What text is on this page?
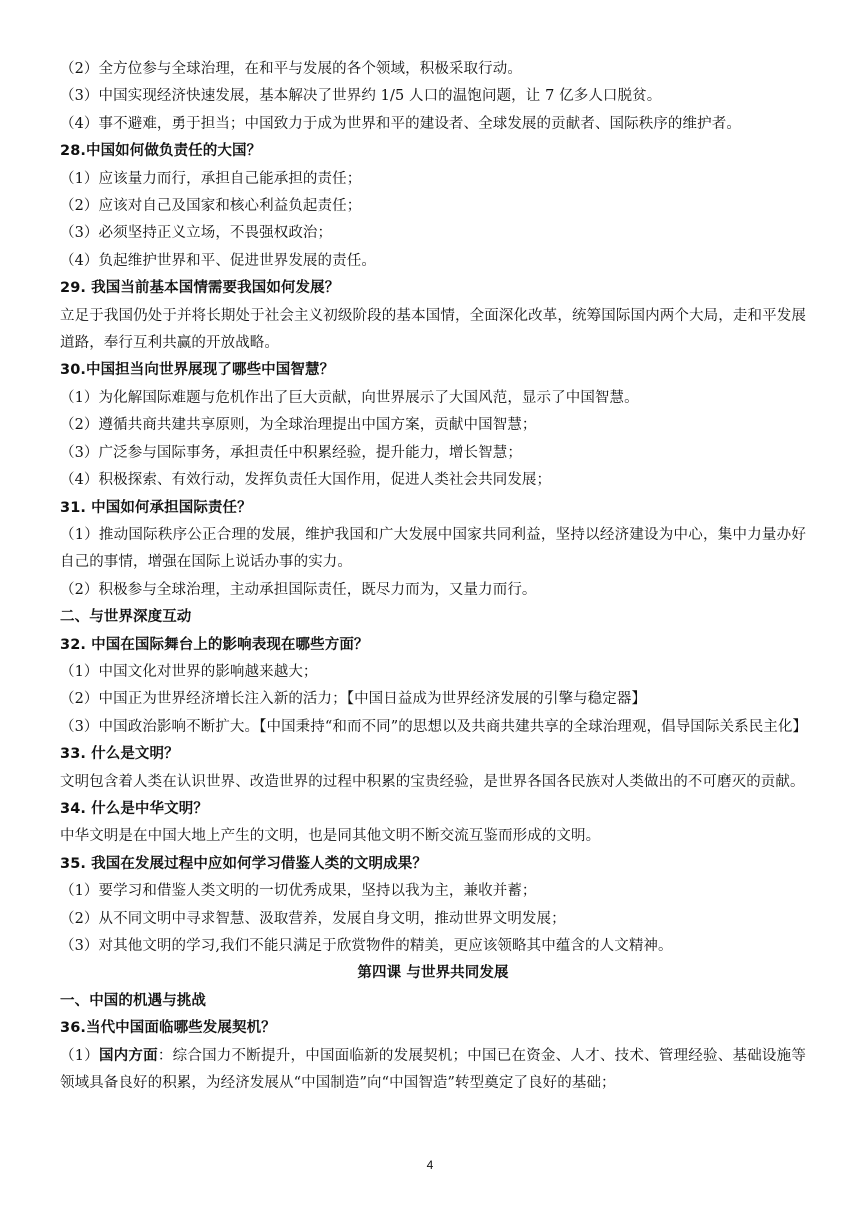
（2）全方位参与全球治理，在和平与发展的各个领域，积极采取行动。
（3）中国实现经济快速发展，基本解决了世界约 1/5 人口的温饱问题，让 7 亿多人口脱贫。
（4）事不避难，勇于担当；中国致力于成为世界和平的建设者、全球发展的贡献者、国际秩序的维护者。
28.中国如何做负责任的大国？
（1）应该量力而行，承担自己能承担的责任；
（2）应该对自己及国家和核心利益负起责任；
（3）必须坚持正义立场，不畏强权政治；
（4）负起维护世界和平、促进世界发展的责任。
29. 我国当前基本国情需要我国如何发展？
立足于我国仍处于并将长期处于社会主义初级阶段的基本国情，全面深化改革，统筹国际国内两个大局，走和平发展道路，奉行互利共赢的开放战略。
30.中国担当向世界展现了哪些中国智慧？
（1）为化解国际难题与危机作出了巨大贡献，向世界展示了大国风范，显示了中国智慧。
（2）遵循共商共建共享原则，为全球治理提出中国方案，贡献中国智慧；
（3）广泛参与国际事务，承担责任中积累经验，提升能力，增长智慧；
（4）积极探索、有效行动，发挥负责任大国作用，促进人类社会共同发展；
31. 中国如何承担国际责任？
（1）推动国际秩序公正合理的发展，维护我国和广大发展中国家共同利益，坚持以经济建设为中心，集中力量办好自己的事情，增强在国际上说话办事的实力。
（2）积极参与全球治理，主动承担国际责任，既尽力而为，又量力而行。
二、与世界深度互动
32. 中国在国际舞台上的影响表现在哪些方面？
（1）中国文化对世界的影响越来越大；
（2）中国正为世界经济增长注入新的活力；【中国日益成为世界经济发展的引擎与稳定器】
（3）中国政治影响不断扩大。【中国秉持“和而不同”的思想以及共商共建共享的全球治理观，倡导国际关系民主化】
33. 什么是文明？
文明包含着人类在认识世界、改造世界的过程中积累的宝贵经验，是世界各国各民族对人类做出的不可磨灭的贡献。
34. 什么是中华文明？
中华文明是在中国大地上产生的文明，也是同其他文明不断交流互鉴而形成的文明。
35. 我国在发展过程中应如何学习借鉴人类的文明成果？
（1）要学习和借鉴人类文明的一切优秀成果，坚持以我为主，兼收并蓄；
（2）从不同文明中寻求智慧、汲取营养，发展自身文明，推动世界文明发展；
（3）对其他文明的学习,我们不能只满足于欣赏物件的精美，更应该领略其中蕴含的人文精神。
第四课 与世界共同发展
一、中国的机遇与挑战
36.当代中国面临哪些发展契机？
（1）国内方面：综合国力不断提升，中国面临新的发展契机；中国已在资金、人才、技术、管理经验、基础设施等领域具备良好的积累，为经济发展从“中国制造”向“中国智造”转型奠定了良好的基础；
4
